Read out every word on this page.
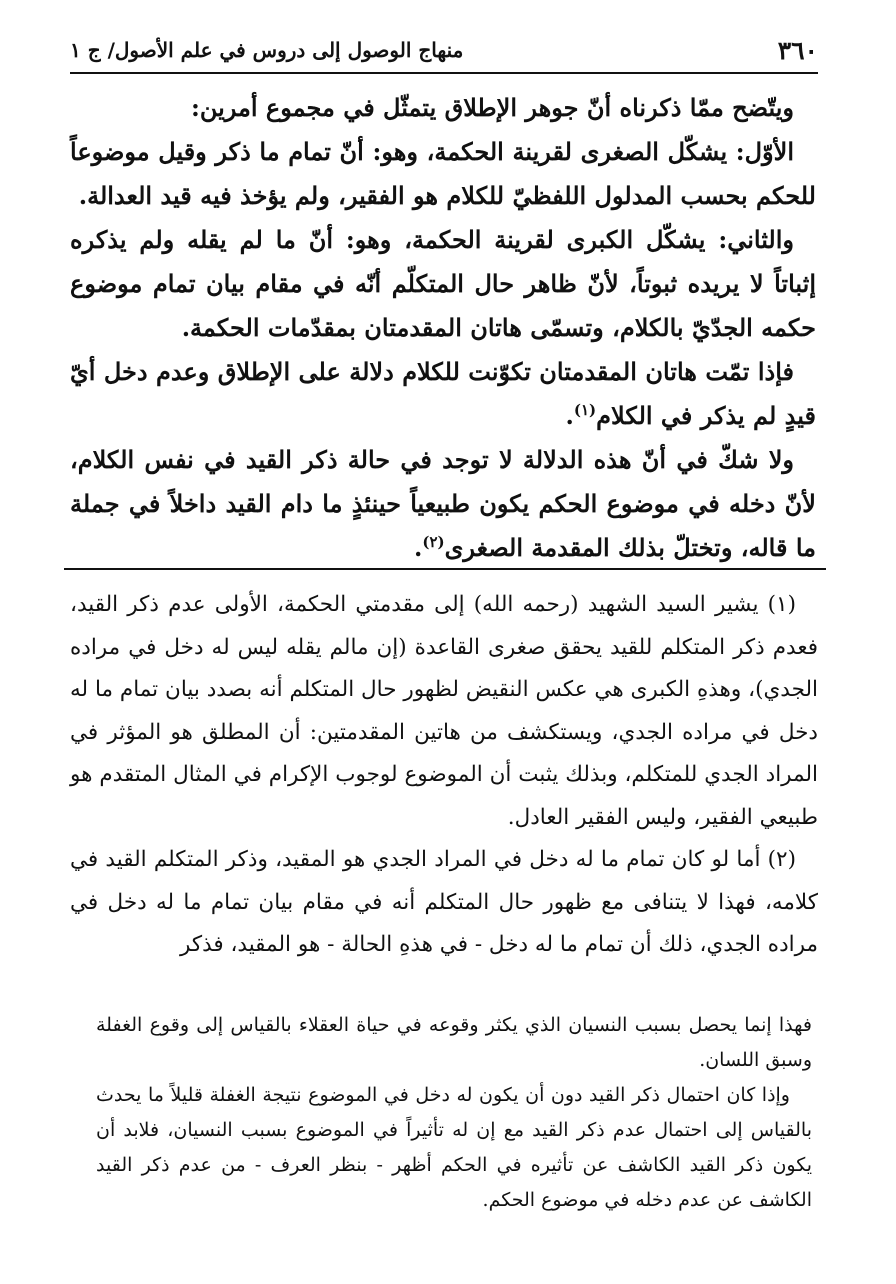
٣٦٠
منهاج الوصول إلى دروس في علم الأصول/ ج ١

ويتّضح ممّا ذكرناه أنّ جوهر الإطلاق يتمثّل في مجموع أمرين:

الأوّل: يشكّل الصغرى لقرينة الحكمة، وهو: أنّ تمام ما ذكر وقيل موضوعاً للحكم بحسب المدلول اللفظيّ للكلام هو الفقير، ولم يؤخذ فيه قيد العدالة.

والثاني: يشكّل الكبرى لقرينة الحكمة، وهو: أنّ ما لم يقله ولم يذكره إثباتاً لا يريده ثبوتاً، لأنّ ظاهر حال المتكلّم أنّه في مقام بيان تمام موضوع حكمه الجدّيّ بالكلام، وتسمّى هاتان المقدمتان بمقدّمات الحكمة.

فإذا تمّت هاتان المقدمتان تكوّنت للكلام دلالة على الإطلاق وعدم دخل أيّ قيدٍ لم يذكر في الكلام$^{(١)}$.

ولا شكّ في أنّ هذه الدلالة لا توجد في حالة ذكر القيد في نفس الكلام، لأنّ دخله في موضوع الحكم يكون طبيعياً حينئذٍ ما دام القيد داخلاً في جملة ما قاله، وتختلّ بذلك المقدمة الصغرى$^{(٢)}$.

(١) يشير السيد الشهيد (رحمه الله) إلى مقدمتي الحكمة، الأولى عدم ذكر القيد، فعدم ذكر المتكلم للقيد يحقق صغرى القاعدة (إن مالم يقله ليس له دخل في مراده الجدي)، وهذهِ الكبرى هي عكس النقيض لظهور حال المتكلم أنه بصدد بيان تمام ما له دخل في مراده الجدي، ويستكشف من هاتين المقدمتين: أن المطلق هو المؤثر في المراد الجدي للمتكلم، وبذلك يثبت أن الموضوع لوجوب الإكرام في المثال المتقدم هو طبيعي الفقير، وليس الفقير العادل.

(٢) أما لو كان تمام ما له دخل في المراد الجدي هو المقيد، وذكر المتكلم القيد في كلامه، فهذا لا يتنافى مع ظهور حال المتكلم أنه في مقام بيان تمام ما له دخل في مراده الجدي، ذلك أن تمام ما له دخل - في هذهِ الحالة - هو المقيد، فذكر

فهذا إنما يحصل بسبب النسيان الذي يكثر وقوعه في حياة العقلاء بالقياس إلى وقوع الغفلة وسبق اللسان.

وإذا كان احتمال ذكر القيد دون أن يكون له دخل في الموضوع نتيجة الغفلة قليلاً ما يحدث بالقياس إلى احتمال عدم ذكر القيد مع إن له تأثيراً في الموضوع بسبب النسيان، فلابد أن يكون ذكر القيد الكاشف عن تأثيره في الحكم أظهر - بنظر العرف - من عدم ذكر القيد الكاشف عن عدم دخله في موضوع الحكم.
